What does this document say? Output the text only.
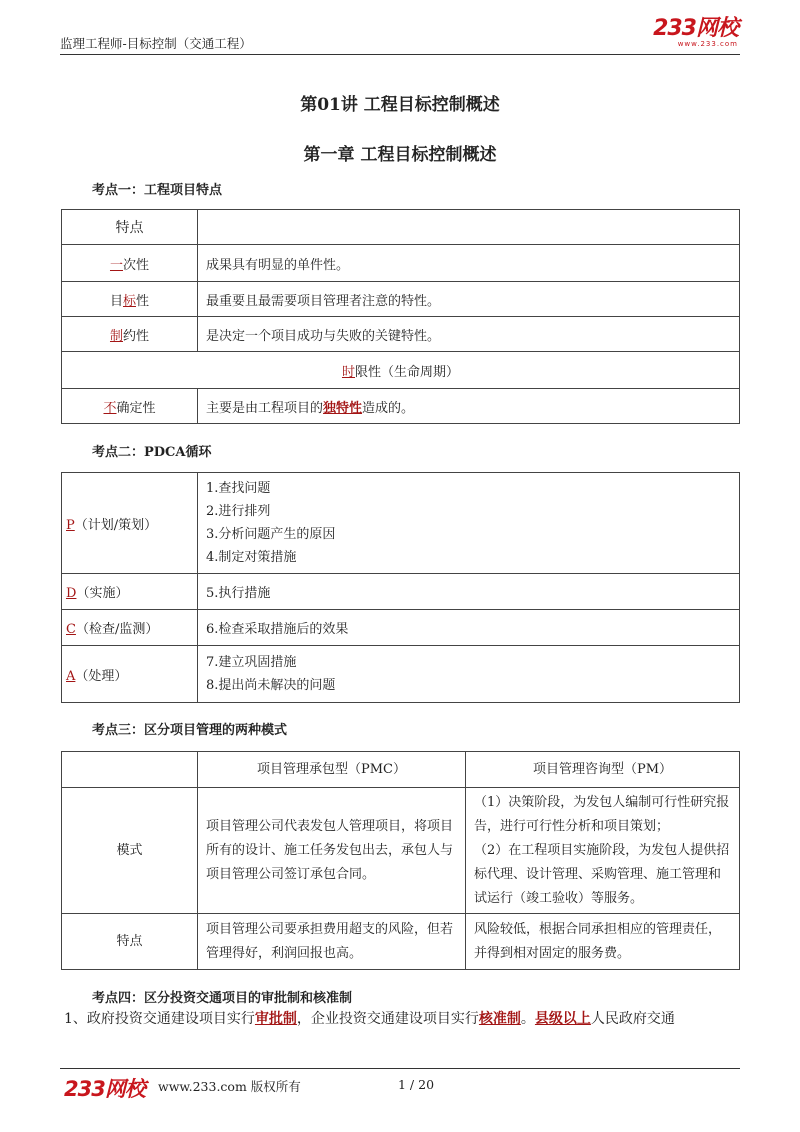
监理工程师-目标控制（交通工程）
233网校
www.233.com
第01讲 工程目标控制概述
第一章 工程目标控制概述
考点一：工程项目特点
特点	
一次性	成果具有明显的单件性。
目标性	最重要且最需要项目管理者注意的特性。
制约性	是决定一个项目成功与失败的关键特性。
时限性（生命周期）	
不确定性	主要是由工程项目的独特性造成的。
考点二：PDCA循环
P（计划/策划）	1.查找问题
2.进行排列
3.分析问题产生的原因
4.制定对策措施

D（实施）	5.执行措施

C（检查/监测）	6.检查采取措施后的效果

A（处理）	7.建立巩固措施
8.提出尚未解决的问题
考点三：区分项目管理的两种模式
	项目管理承包型（PMC）	项目管理咨询型（PM）
模式	项目管理公司代表发包人管理项目，将项目所有的设计、施工任务发包出去，承包人与项目管理公司签订承包合同。	（1）决策阶段，为发包人编制可行性研究报告，进行可行性分析和项目策划；
（2）在工程项目实施阶段，为发包人提供招标代理、设计管理、采购管理、施工管理和试运行（竣工验收）等服务。

特点	项目管理公司要承担费用超支的风险，但若管理得好，利润回报也高。	风险较低，根据合同承担相应的管理责任，并得到相对固定的服务费。
考点四：区分投资交通项目的审批制和核准制
1、政府投资交通建设项目实行审批制，企业投资交通建设项目实行核准制。县级以上人民政府交通
233网校 www.233.com 版权所有	1 / 20
